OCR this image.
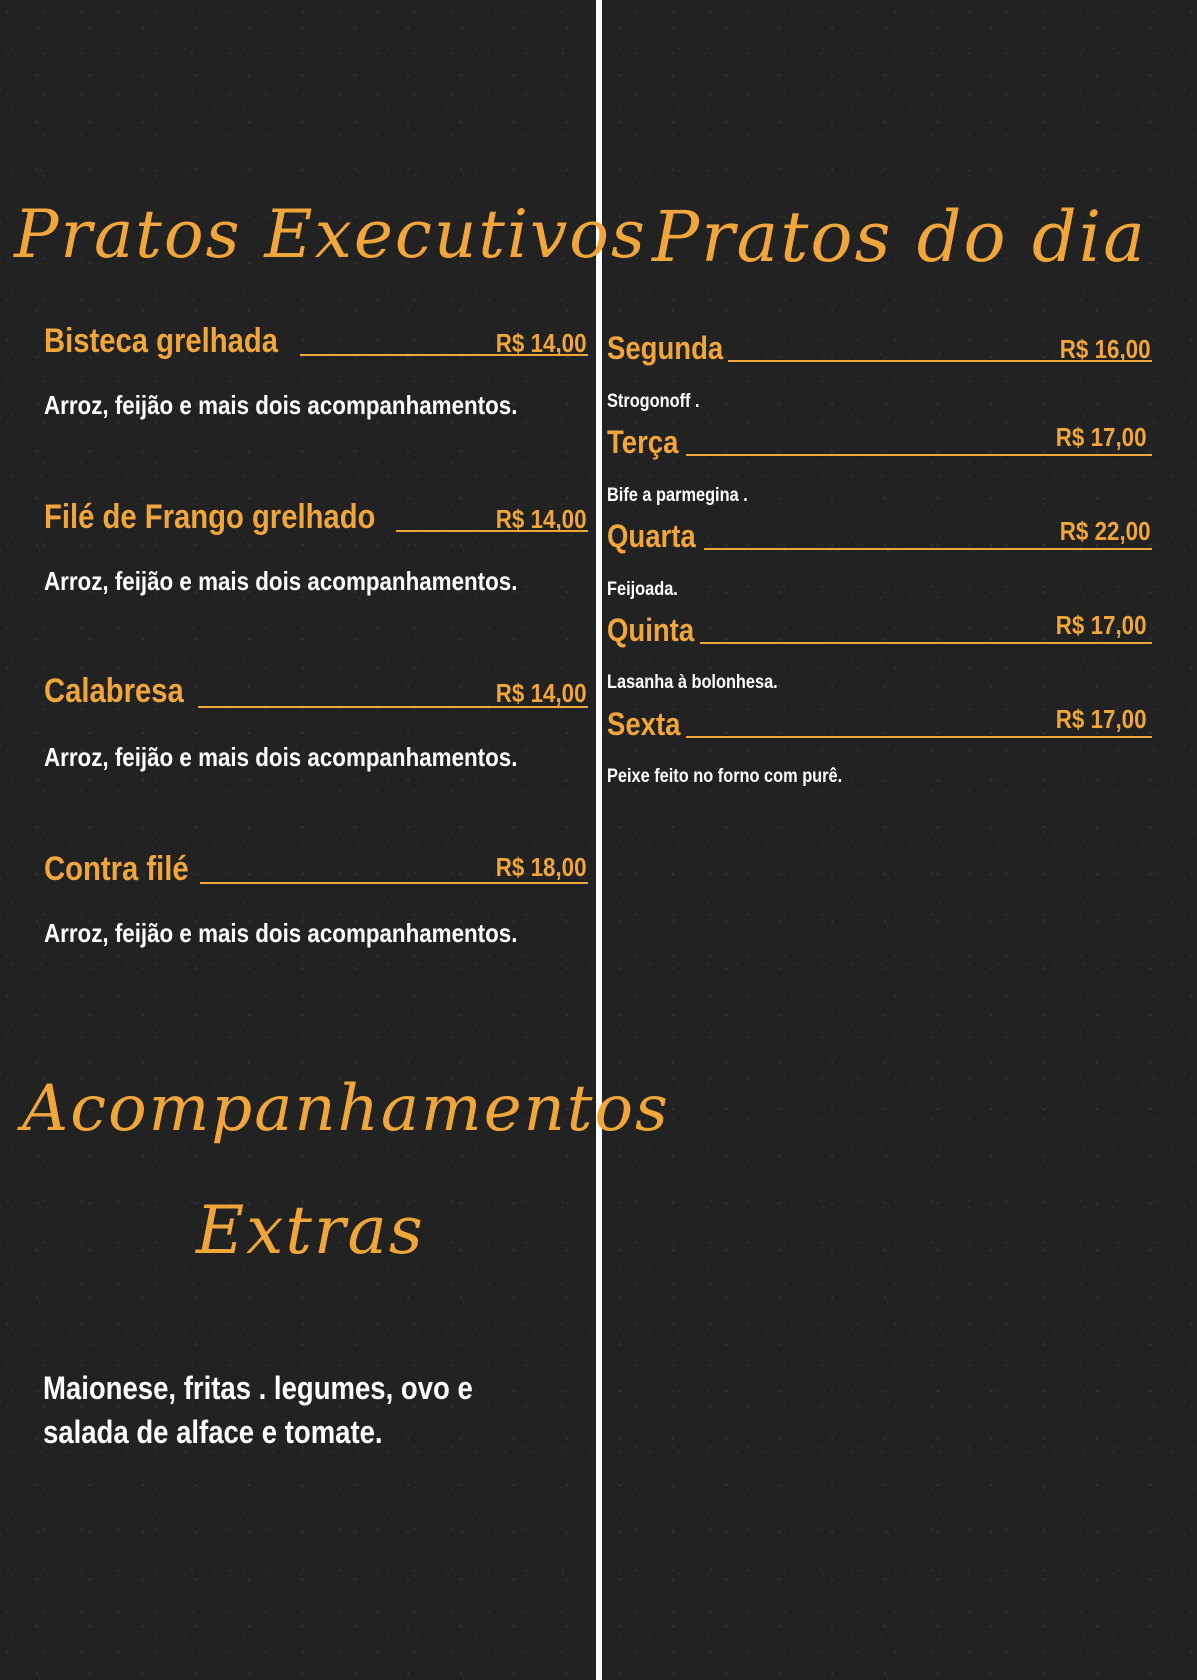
Pratos Executivos
Bisteca grelhada	R$ 14,00
Arroz, feijão e mais dois acompanhamentos.
Filé de Frango grelhado	R$ 14,00
Arroz, feijão e mais dois acompanhamentos.
Calabresa	R$ 14,00
Arroz, feijão e mais dois acompanhamentos.
Contra filé	R$ 18,00
Arroz, feijão e mais dois acompanhamentos.
Acompanhamentos
Extras
Maionese, fritas . legumes, ovo e
salada de alface e tomate.
Pratos do dia
Segunda	R$ 16,00
Strogonoff .
Terça	R$ 17,00
Bife a parmegina .
Quarta	R$ 22,00
Feijoada.
Quinta	R$ 17,00
Lasanha à bolonhesa.
Sexta	R$ 17,00
Peixe feito no forno com purê.
